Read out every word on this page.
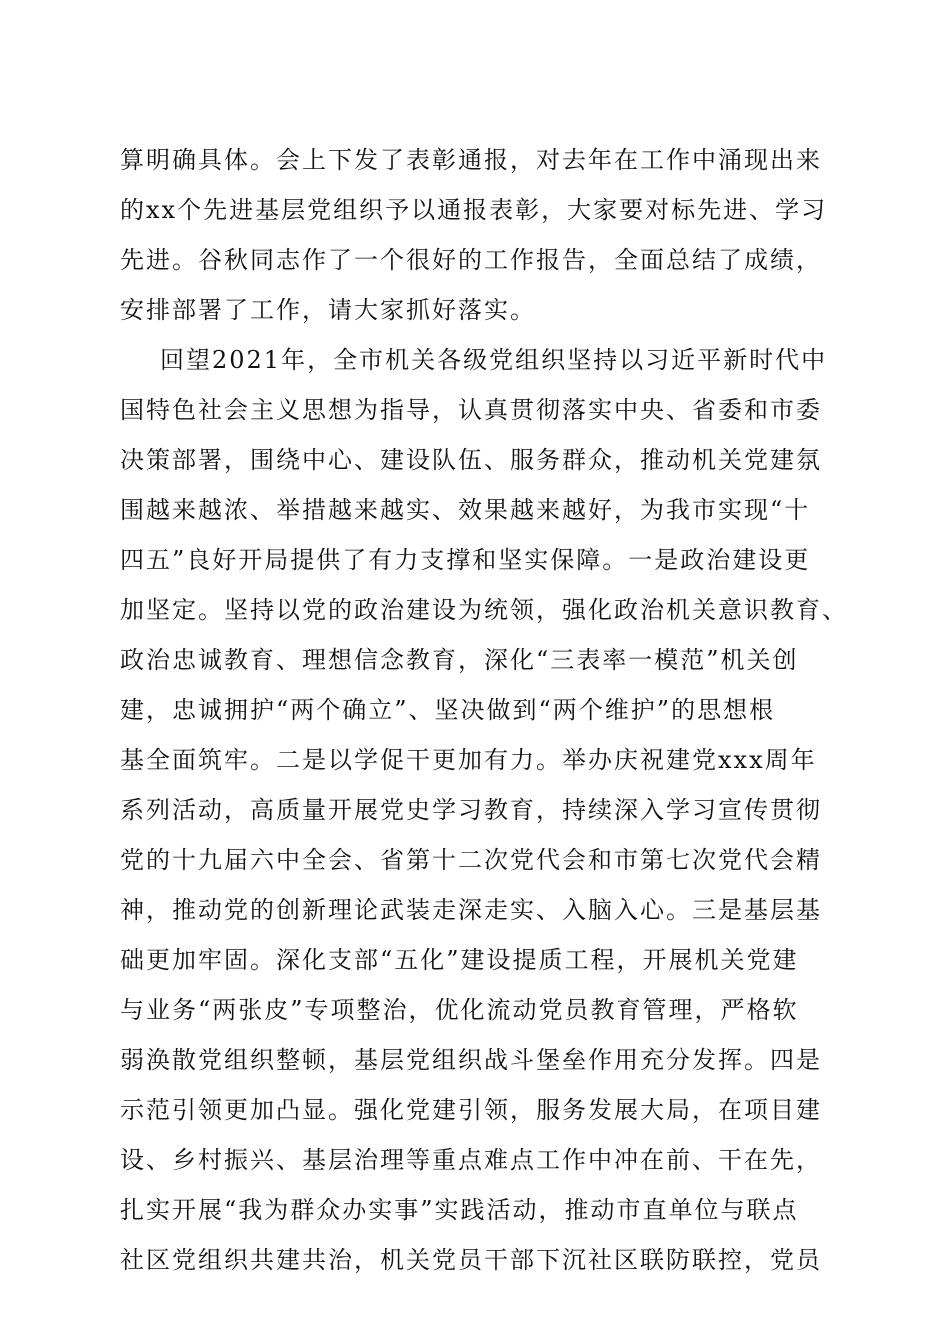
算明确具体。会上下发了表彰通报，对去年在工作中涌现出来
的xx个先进基层党组织予以通报表彰，大家要对标先进、学习
先进。谷秋同志作了一个很好的工作报告，全面总结了成绩，
安排部署了工作，请大家抓好落实。
回望2021年，全市机关各级党组织坚持以习近平新时代中
国特色社会主义思想为指导，认真贯彻落实中央、省委和市委
决策部署，围绕中心、建设队伍、服务群众，推动机关党建氛
围越来越浓、举措越来越实、效果越来越好，为我市实现“十
四五”良好开局提供了有力支撑和坚实保障。一是政治建设更
加坚定。坚持以党的政治建设为统领，强化政治机关意识教育、
政治忠诚教育、理想信念教育，深化“三表率一模范”机关创
建，忠诚拥护“两个确立”、坚决做到“两个维护”的思想根
基全面筑牢。二是以学促干更加有力。举办庆祝建党xxx周年
系列活动，高质量开展党史学习教育，持续深入学习宣传贯彻
党的十九届六中全会、省第十二次党代会和市第七次党代会精
神，推动党的创新理论武装走深走实、入脑入心。三是基层基
础更加牢固。深化支部“五化”建设提质工程，开展机关党建
与业务“两张皮”专项整治，优化流动党员教育管理，严格软
弱涣散党组织整顿，基层党组织战斗堡垒作用充分发挥。四是
示范引领更加凸显。强化党建引领，服务发展大局，在项目建
设、乡村振兴、基层治理等重点难点工作中冲在前、干在先，
扎实开展“我为群众办实事”实践活动，推动市直单位与联点
社区党组织共建共治，机关党员干部下沉社区联防联控，党员
